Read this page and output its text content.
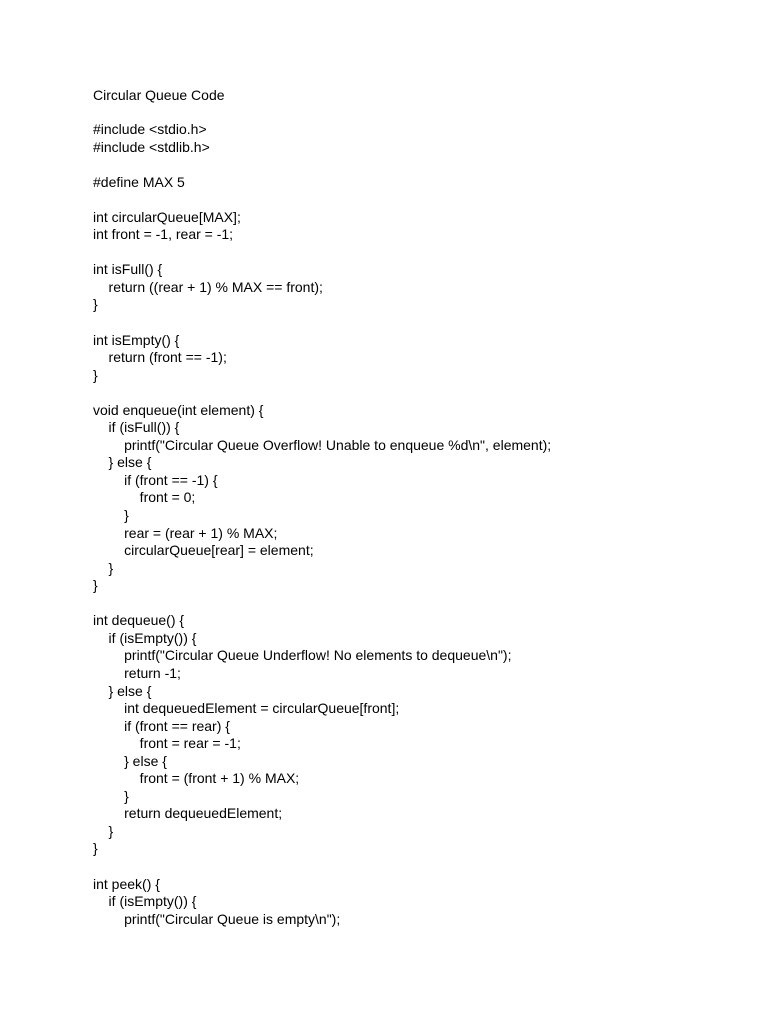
Circular Queue Code
#include <stdio.h>
#include <stdlib.h>
#define MAX 5
int circularQueue[MAX];
int front = -1, rear = -1;
int isFull() {
return ((rear + 1) % MAX == front);
}
int isEmpty() {
return (front == -1);
}
void enqueue(int element) {
if (isFull()) {
printf("Circular Queue Overflow! Unable to enqueue %d\n", element);
} else {
if (front == -1) {
front = 0;
}
rear = (rear + 1) % MAX;
circularQueue[rear] = element;
}
}
int dequeue() {
if (isEmpty()) {
printf("Circular Queue Underflow! No elements to dequeue\n");
return -1;
} else {
int dequeuedElement = circularQueue[front];
if (front == rear) {
front = rear = -1;
} else {
front = (front + 1) % MAX;
}
return dequeuedElement;
}
}
int peek() {
if (isEmpty()) {
printf("Circular Queue is empty\n");
